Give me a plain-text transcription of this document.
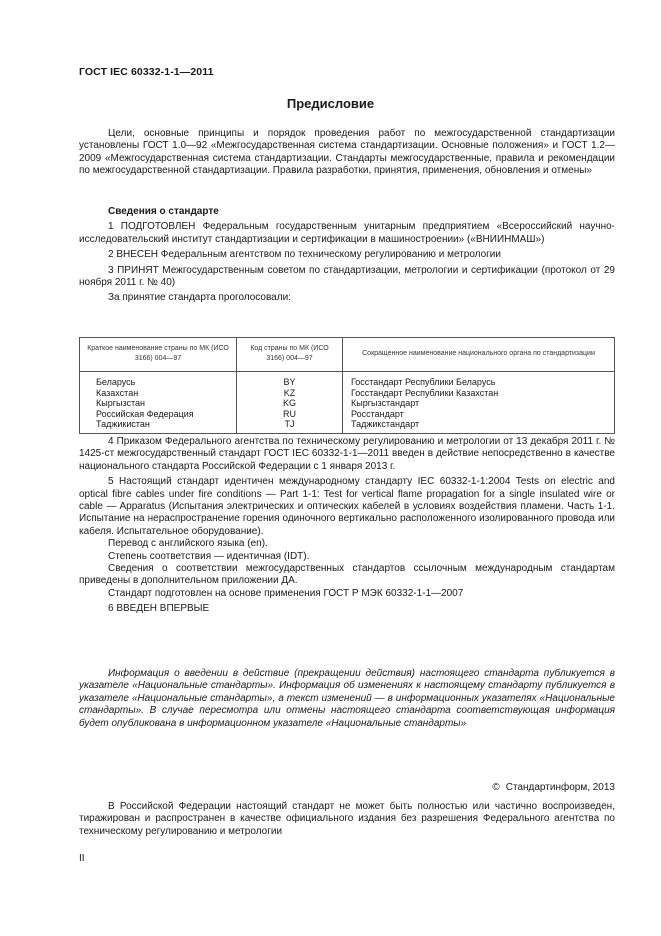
ГОСТ IEC 60332-1-1—2011
Предисловие

Цели, основные принципы и порядок проведения работ по межгосударственной стандартизации установлены ГОСТ 1.0—92 «Межгосударственная система стандартизации. Основные положения» и ГОСТ 1.2—2009 «Межгосударственная система стандартизации. Стандарты межгосударственные, правила и рекомендации по межгосударственной стандартизации. Правила разработки, принятия, применения, обновления и отмены»

Сведения о стандарте

1 ПОДГОТОВЛЕН Федеральным государственным унитарным предприятием «Всероссийский научно-исследовательский институт стандартизации и сертификации в машиностроении» («ВНИИНМАШ»)

2 ВНЕСЕН Федеральным агентством по техническому регулированию и метрологии

3 ПРИНЯТ Межгосударственным советом по стандартизации, метрологии и сертификации (протокол от 29 ноября 2011 г. № 40)

За принятие стандарта проголосовали:

Краткое наименование страны по МК (ИСО 3166) 004—97	Код страны по МК (ИСО 3166) 004—97	Сокращенное наименование национального органа по стандартизации
Беларусь	BY	Госстандарт Республики Беларусь
Казахстан	KZ	Госстандарт Республики Казахстан
Кыргызстан	KG	Кыргызстандарт
Российская Федерация	RU	Росстандарт
Таджикистан	TJ	Таджикстандарт

4 Приказом Федерального агентства по техническому регулированию и метрологии от 13 декабря 2011 г. № 1425-ст межгосударственный стандарт ГОСТ IEC 60332-1-1—2011 введен в действие непосредственно в качестве национального стандарта Российской Федерации с 1 января 2013 г.

5 Настоящий стандарт идентичен международному стандарту IEC 60332-1-1:2004 Tests on electric and optical fibre cables under fire conditions — Part 1-1: Test for vertical flame propagation for a single insulated wire or cable — Apparatus (Испытания электрических и оптических кабелей в условиях воздействия пламени. Часть 1-1. Испытание на нераспространение горения одиночного вертикально расположенного изолированного провода или кабеля. Испытательное оборудование).

Перевод с английского языка (en).

Степень соответствия — идентичная (IDT).

Сведения о соответствии межгосударственных стандартов ссылочным международным стандартам приведены в дополнительном приложении ДА.

Стандарт подготовлен на основе применения ГОСТ Р МЭК 60332-1-1—2007

6 ВВЕДЕН ВПЕРВЫЕ

Информация о введении в действие (прекращении действия) настоящего стандарта публикуется в указателе «Национальные стандарты». Информация об изменениях к настоящему стандарту публикуется в указателе «Национальные стандарты», а текст изменений — в информационных указателях «Национальные стандарты». В случае пересмотра или отмены настоящего стандарта соответствующая информация будет опубликована в информационном указателе «Национальные стандарты»

© Стандартинформ, 2013

В Российской Федерации настоящий стандарт не может быть полностью или частично воспроизведен, тиражирован и распространен в качестве официального издания без разрешения Федерального агентства по техническому регулированию и метрологии

II
